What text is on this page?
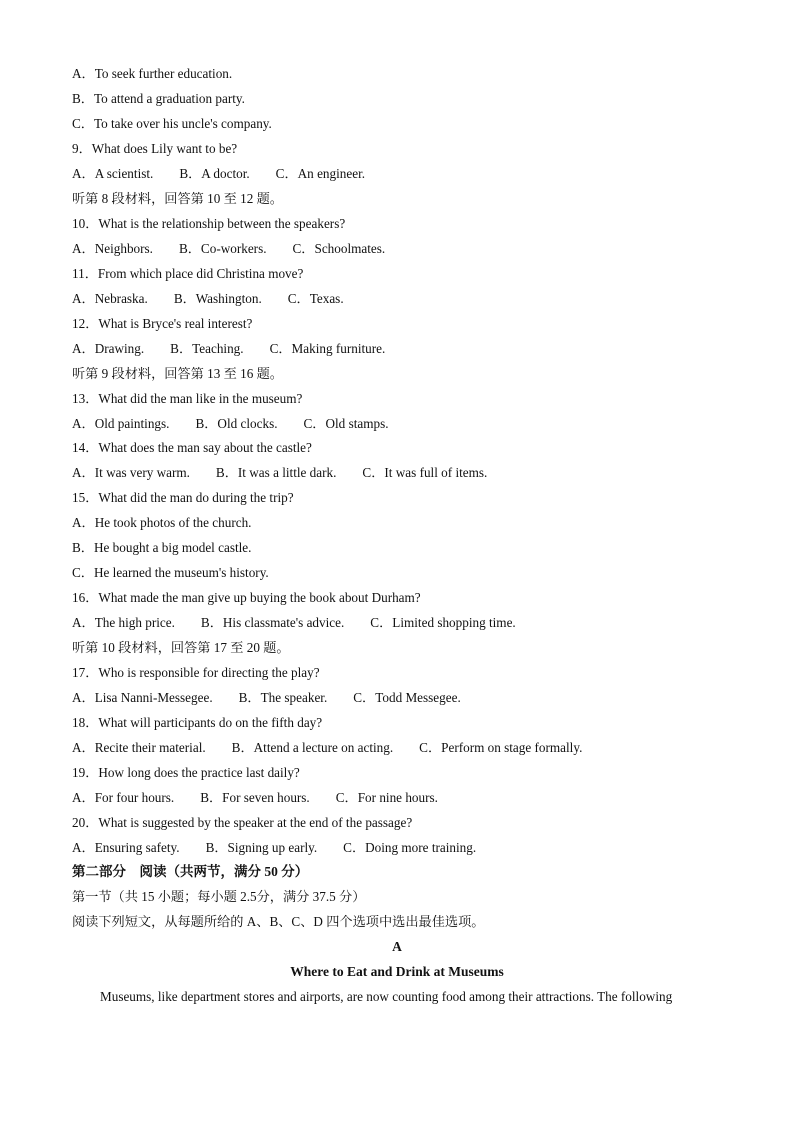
A．To seek further education.
B．To attend a graduation party.
C．To take over his uncle's company.
9．What does Lily want to be?
A．A scientist. B．A doctor. C．An engineer.
听第 8 段材料，回答第 10 至 12 题。
10．What is the relationship between the speakers?
A．Neighbors. B．Co-workers. C．Schoolmates.
11．From which place did Christina move?
A．Nebraska. B．Washington. C．Texas.
12．What is Bryce's real interest?
A．Drawing. B．Teaching. C．Making furniture.
听第 9 段材料，回答第 13 至 16 题。
13．What did the man like in the museum?
A．Old paintings. B．Old clocks. C．Old stamps.
14．What does the man say about the castle?
A．It was very warm. B．It was a little dark. C．It was full of items.
15．What did the man do during the trip?
A．He took photos of the church.
B．He bought a big model castle.
C．He learned the museum's history.
16．What made the man give up buying the book about Durham?
A．The high price. B．His classmate's advice. C．Limited shopping time.
听第 10 段材料，回答第 17 至 20 题。
17．Who is responsible for directing the play?
A．Lisa Nanni-Messegee. B．The speaker. C．Todd Messegee.
18．What will participants do on the fifth day?
A．Recite their material. B．Attend a lecture on acting. C．Perform on stage formally.
19．How long does the practice last daily?
A．For four hours. B．For seven hours. C．For nine hours.
20．What is suggested by the speaker at the end of the passage?
A．Ensuring safety. B．Signing up early. C．Doing more training.
第二部分　阅读（共两节，满分 50 分）
第一节（共 15 小题；每小题 2.5分，满分 37.5 分）
阅读下列短文，从每题所给的 A、B、C、D 四个选项中选出最佳选项。
A
Where to Eat and Drink at Museums
Museums, like department stores and airports, are now counting food among their attractions. The following
